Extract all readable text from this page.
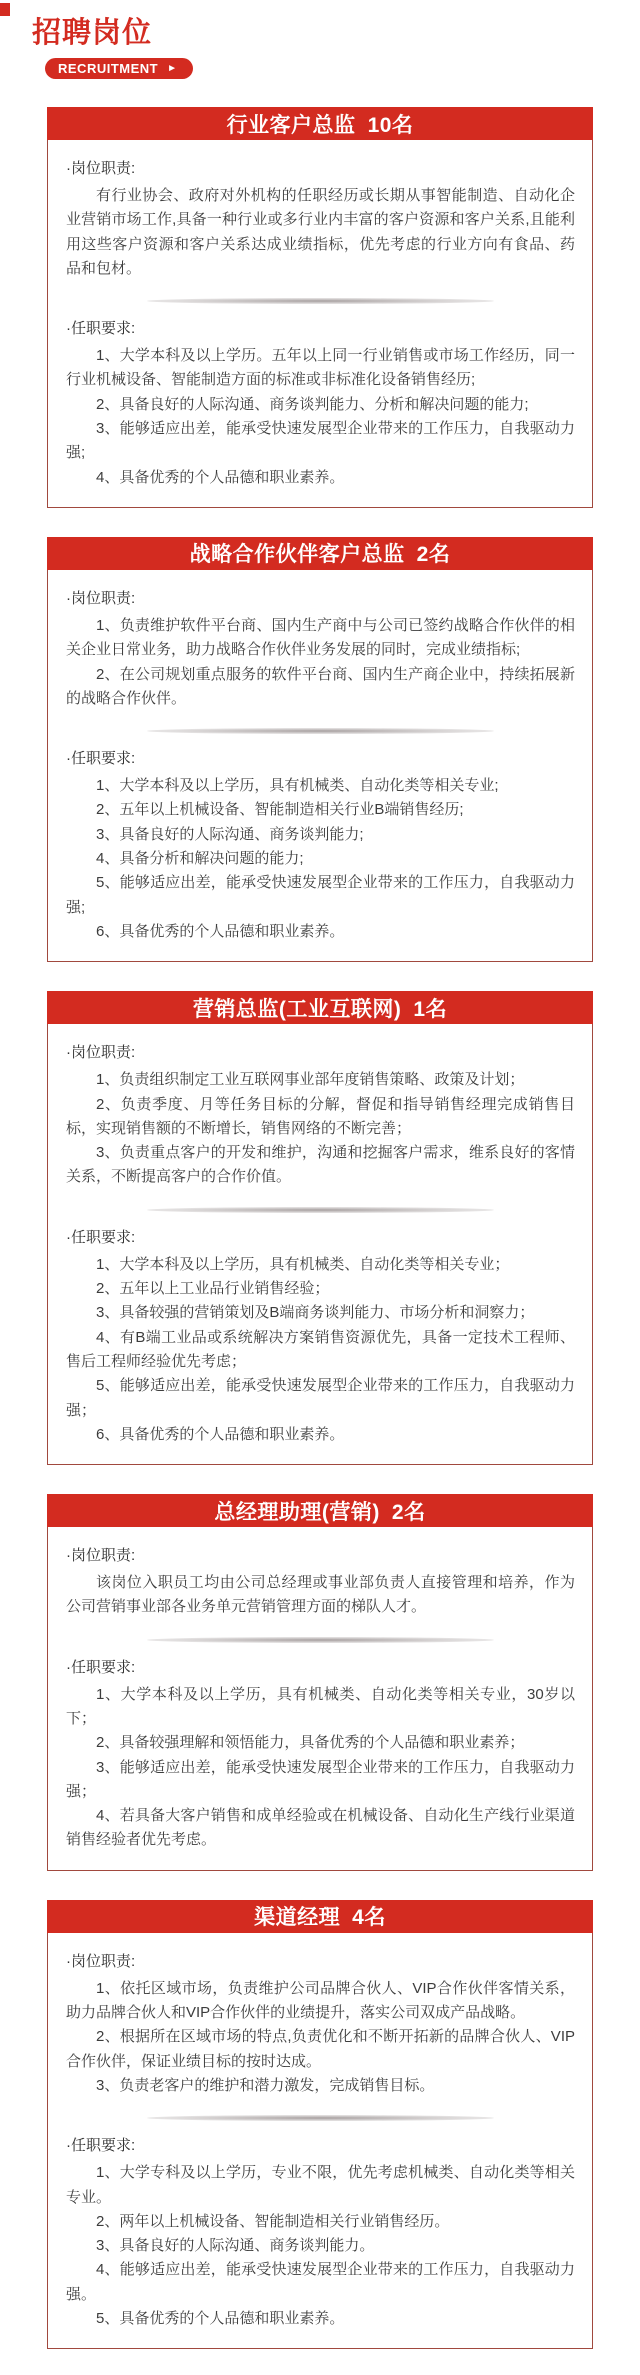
招聘岗位
RECRUITMENT ►
行业客户总监 10名

·岗位职责:

有行业协会、政府对外机构的任职经历或长期从事智能制造、自动化企业营销市场工作,具备一种行业或多行业内丰富的客户资源和客户关系,且能利用这些客户资源和客户关系达成业绩指标，优先考虑的行业方向有食品、药品和包材。

·任职要求:

1、大学本科及以上学历。五年以上同一行业销售或市场工作经历，同一行业机械设备、智能制造方面的标准或非标准化设备销售经历;

2、具备良好的人际沟通、商务谈判能力、分析和解决问题的能力;

3、能够适应出差，能承受快速发展型企业带来的工作压力，自我驱动力强;

4、具备优秀的个人品德和职业素养。

战略合作伙伴客户总监 2名

·岗位职责:

1、负责维护软件平台商、国内生产商中与公司已签约战略合作伙伴的相关企业日常业务，助力战略合作伙伴业务发展的同时，完成业绩指标;

2、在公司规划重点服务的软件平台商、国内生产商企业中，持续拓展新的战略合作伙伴。

·任职要求:

1、大学本科及以上学历，具有机械类、自动化类等相关专业;

2、五年以上机械设备、智能制造相关行业B端销售经历;

3、具备良好的人际沟通、商务谈判能力;

4、具备分析和解决问题的能力;

5、能够适应出差，能承受快速发展型企业带来的工作压力，自我驱动力强;

6、具备优秀的个人品德和职业素养。

营销总监(工业互联网) 1名

·岗位职责:

1、负责组织制定工业互联网事业部年度销售策略、政策及计划；

2、负责季度、月等任务目标的分解，督促和指导销售经理完成销售目标，实现销售额的不断增长，销售网络的不断完善；

3、负责重点客户的开发和维护，沟通和挖掘客户需求，维系良好的客情关系，不断提高客户的合作价值。

·任职要求:

1、大学本科及以上学历，具有机械类、自动化类等相关专业；

2、五年以上工业品行业销售经验；

3、具备较强的营销策划及B端商务谈判能力、市场分析和洞察力；

4、有B端工业品或系统解决方案销售资源优先，具备一定技术工程师、售后工程师经验优先考虑；

5、能够适应出差，能承受快速发展型企业带来的工作压力，自我驱动力强；

6、具备优秀的个人品德和职业素养。

总经理助理(营销) 2名

·岗位职责:

该岗位入职员工均由公司总经理或事业部负责人直接管理和培养，作为公司营销事业部各业务单元营销管理方面的梯队人才。

·任职要求:

1、大学本科及以上学历，具有机械类、自动化类等相关专业，30岁以下；

2、具备较强理解和领悟能力，具备优秀的个人品德和职业素养；

3、能够适应出差，能承受快速发展型企业带来的工作压力，自我驱动力强；

4、若具备大客户销售和成单经验或在机械设备、自动化生产线行业渠道销售经验者优先考虑。

渠道经理 4名

·岗位职责:

1、依托区域市场，负责维护公司品牌合伙人、VIP合作伙伴客情关系，助力品牌合伙人和VIP合作伙伴的业绩提升，落实公司双成产品战略。

2、根据所在区域市场的特点,负责优化和不断开拓新的品牌合伙人、VIP合作伙伴，保证业绩目标的按时达成。

3、负责老客户的维护和潜力激发，完成销售目标。

·任职要求:

1、大学专科及以上学历，专业不限，优先考虑机械类、自动化类等相关专业。

2、两年以上机械设备、智能制造相关行业销售经历。

3、具备良好的人际沟通、商务谈判能力。

4、能够适应出差，能承受快速发展型企业带来的工作压力，自我驱动力强。

5、具备优秀的个人品德和职业素养。
